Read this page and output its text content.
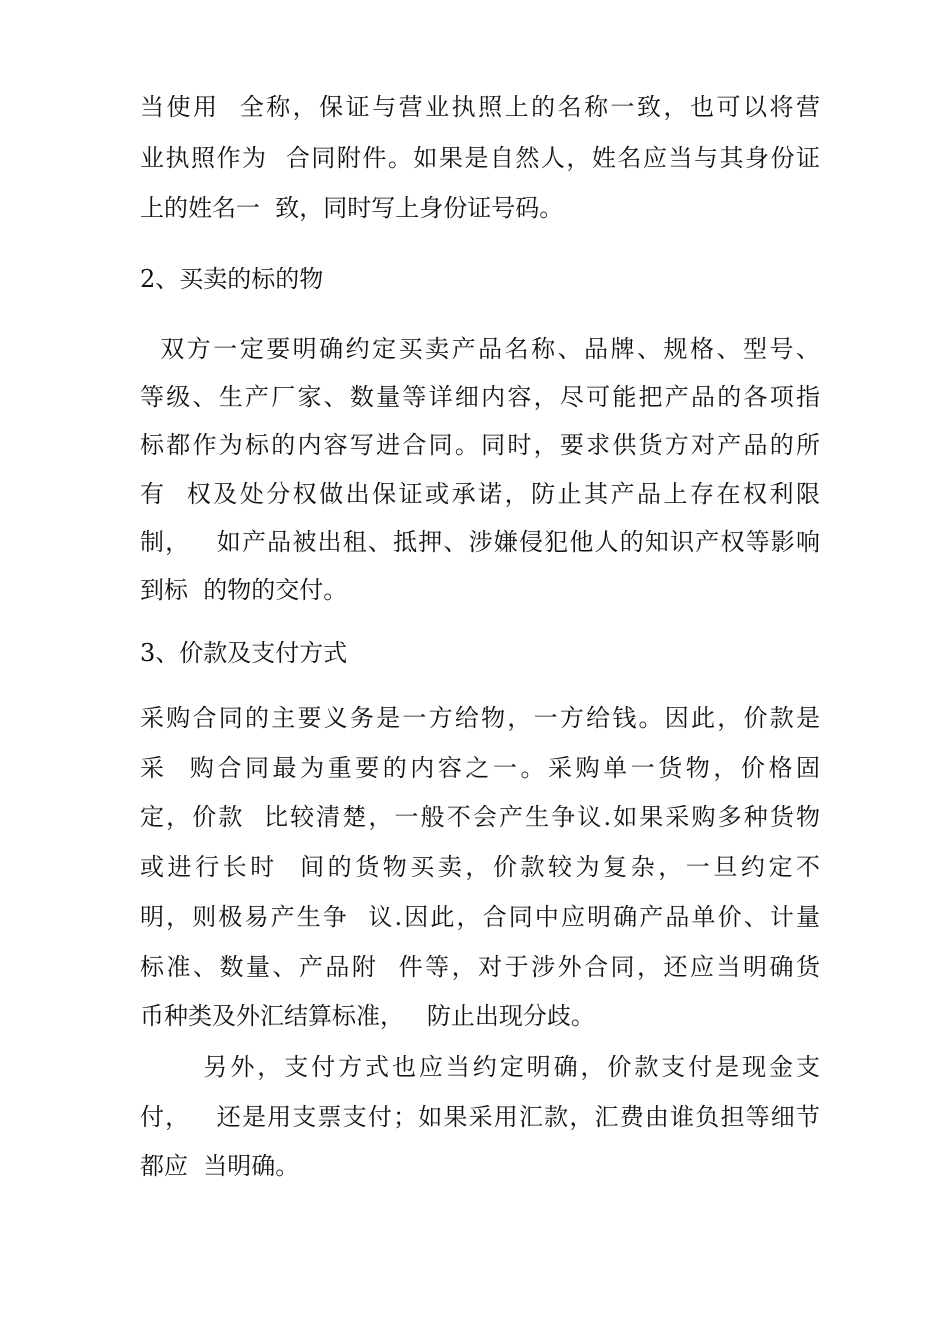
当使用  全称，保证与营业执照上的名称一致，也可以将营
业执照作为  合同附件。如果是自然人，姓名应当与其身份证
上的姓名一  致，同时写上身份证号码。
2、买卖的标的物
双方一定要明确约定买卖产品名称、品牌、规格、型号、
等级、生产厂家、数量等详细内容，尽可能把产品的各项指
标都作为标的内容写进合同。同时，要求供货方对产品的所
有  权及处分权做出保证或承诺，防止其产品上存在权利限
制，   如产品被出租、抵押、涉嫌侵犯他人的知识产权等影响
到标  的物的交付。
3、价款及支付方式
采购合同的主要义务是一方给物，一方给钱。因此，价款是
采  购合同最为重要的内容之一。采购单一货物，价格固
定，价款  比较清楚，一般不会产生争议.如果采购多种货物
或进行长时  间的货物买卖，价款较为复杂，一旦约定不
明，则极易产生争  议.因此，合同中应明确产品单价、计量
标准、数量、产品附  件等，对于涉外合同，还应当明确货
币种类及外汇结算标准，   防止出现分歧。
另外，支付方式也应当约定明确，价款支付是现金支
付，   还是用支票支付；如果采用汇款，汇费由谁负担等细节
都应  当明确。
